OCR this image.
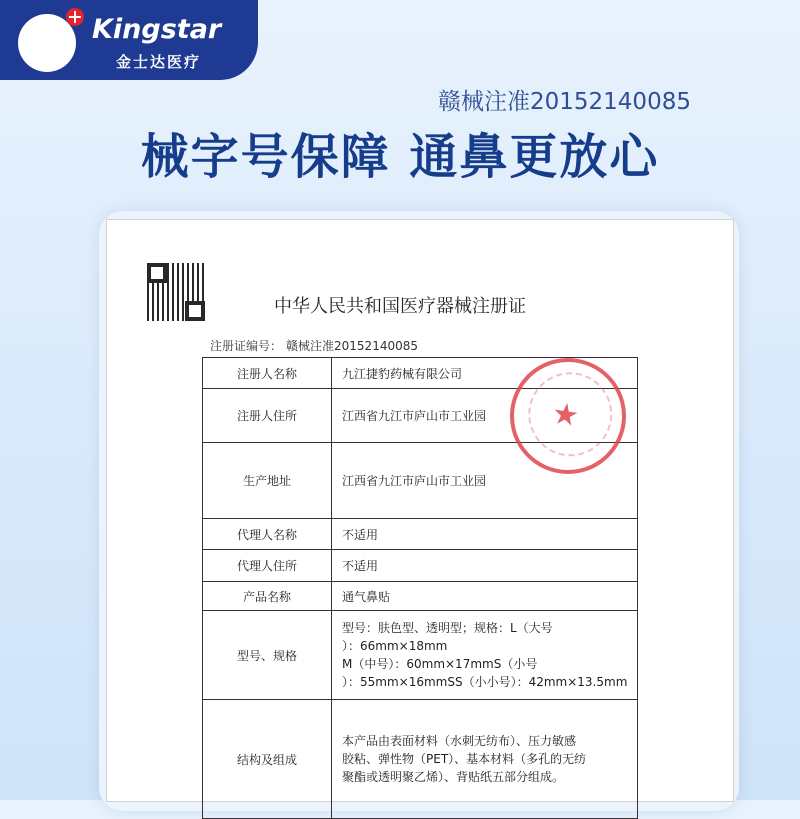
Kingstar
金士达医疗
赣械注准20152140085
械字号保障 通鼻更放心
中华人民共和国医疗器械注册证
注册证编号： 赣械注准20152140085
注册人名称	九江捷豹药械有限公司
注册人住所	江西省九江市庐山市工业园
生产地址	江西省九江市庐山市工业园
代理人名称	不适用
代理人住所	不适用
产品名称	通气鼻贴
型号、规格	型号：肤色型、透明型；规格：L（大号
）：66mm×18mm
M（中号）：60mm×17mmS（小号
）：55mm×16mmSS（小小号）：42mm×13.5mm

结构及组成	本产品由表面材料（水刺无纺布）、压力敏感
胶粘、弹性物（PET）、基本材料（多孔的无纺
聚酯或透明聚乙烯）、背贴纸五部分组成。
★
